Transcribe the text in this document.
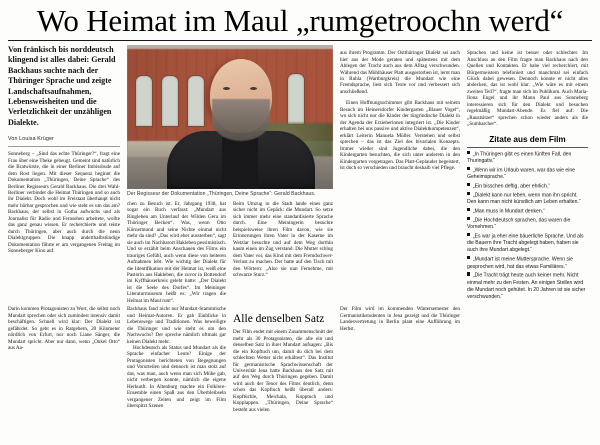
Wo Heimat im Maul „rumgetroochn werd“
Von fränkisch bis norddeutsch klingend ist alles dabei: Gerald Backhaus suchte nach der Thüringer Sprache und zeigte Landschaftsaufnahmen, Lebensweisheiten und die Verletzlichkeit der unzähligen Dialekte.
Von Louisa Krüger

Sonneberg – „Sind das echte Thüringer?“, fragt eine Frau über eine Theke gebeugt. Gemeint sind natürlich die Bratwürste, die in einer Berliner Imbissbude auf dem Rost liegen. Mit dieser Sequenz beginnt die Dokumentation „Thüringen, Deine Sprache“ des Berliner Regisseurs Gerald Backhaus. Die drei Wahl-Berliner verbindet die Heimat Thüringen und so auch ihr Dialekt. Doch wohl im Freistaat überhaupt nicht mehr hörbar gesprochen und wie steht es um das am? Backhaus, der selbst in Gotha aufwuchs und als Journalist für Radio und Fernsehen arbeitete, wollte das ganz genau wissen. Er recherchierte und reiste durch Thüringen, aber auch durch die neun Dialektgruppen. Die knapp anderthalbstündige Dokumentation führte er am vergangenen Freitag im Sonneberger Kino auf.

Der Regisseur der Dokumentation „Thüringen, Deine Sprache“: Gerald Backhaus.

chen zu Besuch ist. Er, Jahrgang 1938, hat sogar ein Buch verfasst: „Mundart aus Ringleben am Unterlauf der Wilden Gera im Thüringer Becken“. Was, wenn Otto Körnermund und seine Nichte einmal nicht mehr da sind? „Das wird eher aussterben“, sagt sie auch im Nachbarort Hakleben pessimistisch. Und so erzählt beim Anschauen des Films ein trauriges Gefühl, auch wenn diese von heiteren Aufnahmen lebt. Wie wichtig der Dialekt für die Identifikation mit der Heimat ist, weiß eine Pastorin aus Hakleben, die zuvor in Bottendorf im Kyffhäuserkreis gelebt hatte: „Der Dialekt ist die Seele des Dorfes“. Im Meininger Literaturmuseum heißt es: „Wir tragen die Heimat im Maul rum“.

Beim Umzug in die Stadt lande eines ganz sicher nicht im Gepäck: die Mundart. So setze sich immer mehr eine standardisierte Sprache durch. Eine Meiningerin besuchte beispielsweise ihren Film davon, wie sie Erinnerungen ihren Vater in der Kaserne im Wetzlar besuchte und auf dem Weg dorthin kaum einen im Zug verstand. Die Mutter schlug dem Vater vor, das Kind mit dem Fremdschwer-Verlust zu machen. Der hatte auf den Tisch mit den Wörtern: „Also sie nun Fernehme, mit schwarze Sturz.“

aus ihrem Programm. Der Ostthüringer Dialekt sei auch hier aus der Mode geraten und spätestens mit dem Ablegen der Tracht auch aus dem Alltag verschwunden. Während das Mühlhäuser Platt ausgestorben ist, lernt man in Ruhla (Wartburgkreis) die Mundart wie eine Fremdsprache, liest sich Texte vor und verbessert sich anschließend.

Einen Hoffnungsschimmer gibt Backhaus mit seinem Besuch im Heinersdorfer Kindergarten „Blauer Vogel“, wo sich nicht nur die Kinder der türgrindische Dialekt in der Agenda der Erzieherinnen integriert ist. „Die Kinder erhalten bei uns passive und aktive Dialektkompetenzen“, erklärt Leiterin Manuela Müller. Verstehen und selbst sprechen – das ist das Ziel des bivarialen Konzepts. Immer wieder sind Jugendliche dabei, die den Kindergarten besuchten, die sich unter anderem in den Kindergarten vorgetragen. Das Platt-Geplauder begeistert, ist doch so verschieden und braucht deshalb viel Pflege.

Sprachen und keine ist besser oder schlechter. Im Anschluss an den Film fragte man Backhaus nach den Quellen und Kontakten. Er habe viel recherchiert, mit Bürgermeistern telefoniert und manchmal sei einfach Glück dabei gewesen. Dennoch konnte er nicht alles abdecken, das ist wohl klar. „Wie wäre es mit einem zweiten Teil?“, fragte man sich im Publikum. Auch Maria-Ilona Engel und ihr Mann Paul aus Sonneberg interessieren sich für den Dialekt und besuchen regelmäßig Mundart-Abende. Es fiel auf: Die „Raustsitzer“ sprechen schon wieder anders als die „Sumbarcher“.

Zitate aus dem Film
„In Thüringen gibt es einen fünften Fall, den Thuringativ.“
„Wenn wir im Urlaub waren, war das wie eine Geheimsprache.“
„Ein bisschen deftig, aber ehrlich.“
„Dialekt kann nur leben, wenn man ihn spricht. Den kann man nicht künstlich am Leben erhalten.“
„Man muss in Mundart denken.“
„Die Hochdeutsch sprachen, das waren die Vornehmen.“
„Es war ja eher eine bäuerliche Sprache. Und als die Bauern ihre Tracht abgelegt haben, haben sie auch ihre Mundart abgelegt.“
„Mundart ist meine Muttersprache. Wenn sie gesprochen wird, hat das etwas Familiäres.“
„Die Tracht trägt heute auch keiner mehr. Nicht einmal mehr zu den Festen. An einigen Stellen wird die Mundart noch gehütet. In 20 Jahren ist sie sicher verschwunden.“

Darin kommen Protagonisten zu Wort, die selbst noch Mundart sprechen oder sich zumindest intensiv damit beschäftigen. Schnell wird klar: Der Dialekt ist gefährdet. So geht es in Ratgebern, 20 Kilometer nördlich von Erfurt, nur noch Liane Sänger, die Mundart spricht. Aber nur dann, wenn „Onkel Otto“ aus Aa-

Backhaus fand nicht nur Mundart-Stammtische und Heimat-Autoren. Er gab Einblicke in Lebenswege und Traditionen. Was beweiligte die Thüringer und wie steht es um den Nachwuchs? Der spreche nämlich oftmals gar keinen Dialekt mehr.

Hochdeutsch als Status und Mundart als die Sprache einfacher Leute? Einige der Protagonisten berichteten von Begegnungen und Vorurteilen und dennoch ist man stolz auf das, was man, auch wenn man sich Mühe gab, nicht verbergen konnte, nämlich die eigene Herkunft. In Altenburg machte ein Folklore-Ensemble einen Spaß aus den Überbleibseln vergangener Zeiten und zeigt im Film überspitzt Szenen

Alle denselben Satz

Der Film endet mit einem Zusammenschnitt der mehr als 30 Protagonisten, die alle ein und denselben Satz in ihrer Mundart aufsagen: „Bis die ein Kopftuch um, damit du dich bei dem schlechten Wetter nicht erkältest“. Das Institut für germanistische Sprachwissenschaft der Universität Jena hatte Backhaus den Satz mit auf den Weg durch Thüringen gegeben. Damit wird auch der Tenor des Films deutlich, denn schon das Kopftuch heißt überall anders: Kopftüchle, Meichala, Kopptuch und Kopplappen. „Thüringen, Deine Sprache“ besteht aus vielen

Der Film wird im kommenden Wintersemester den Germanistikstudenten in Jena gezeigt und die Thüringer Landesvertretung in Berlin plant eine Aufführung im Herbst.
